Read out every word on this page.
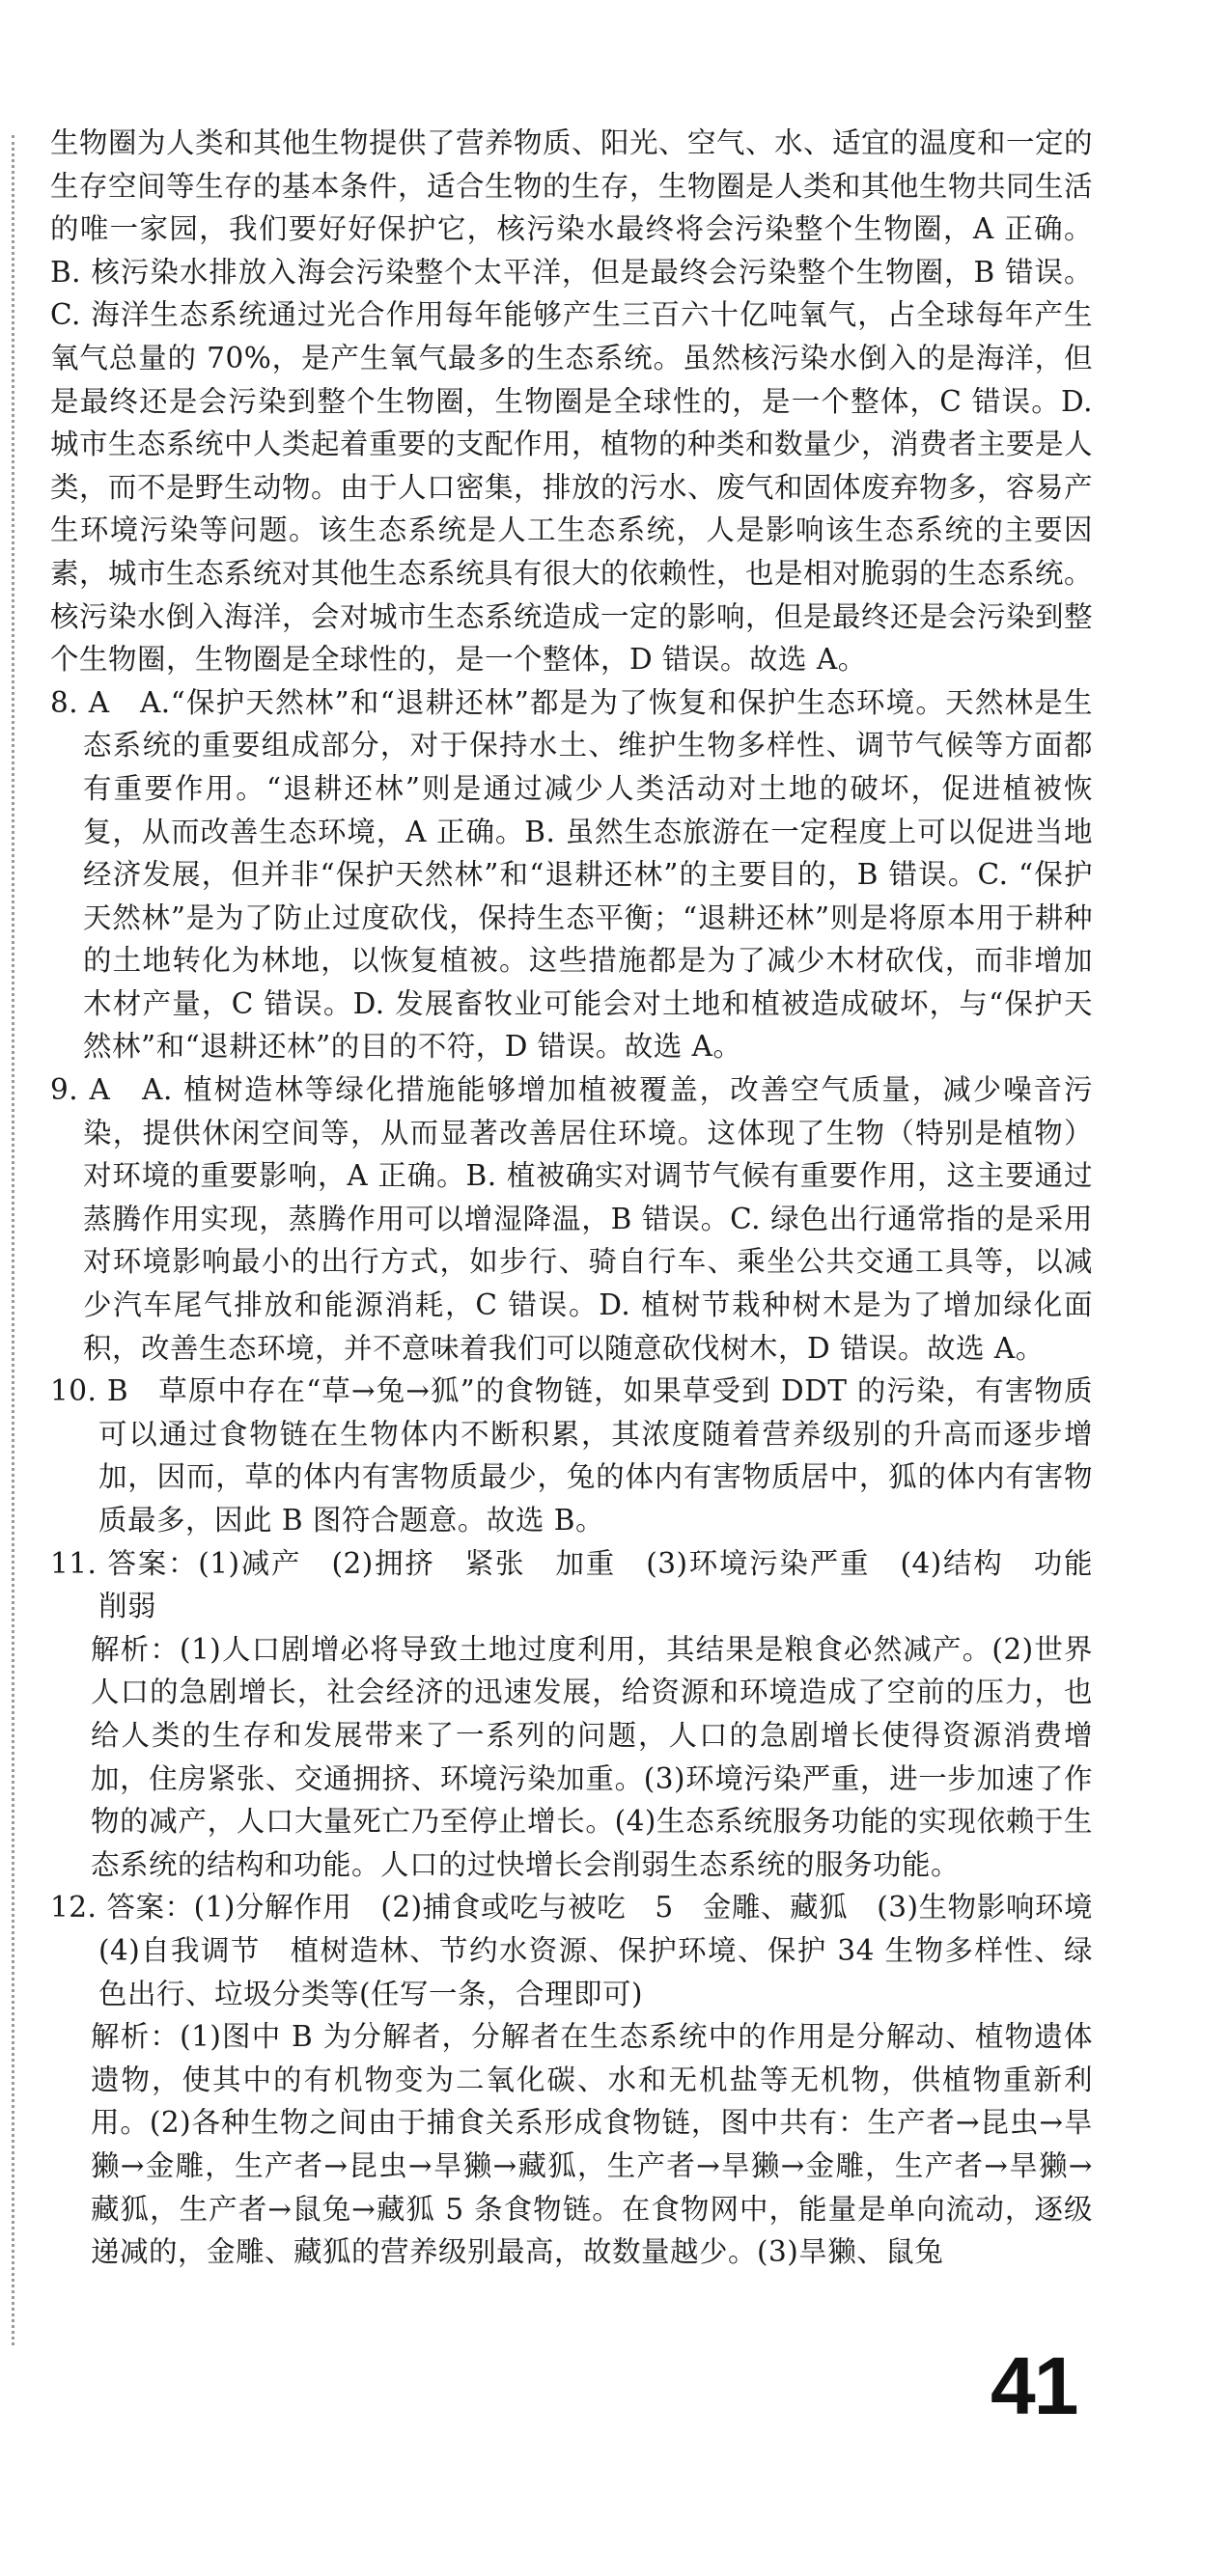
生物圈为人类和其他生物提供了营养物质、阳光、空气、水、适宜的温度和一定的生存空间等生存的基本条件，适合生物的生存，生物圈是人类和其他生物共同生活的唯一家园，我们要好好保护它，核污染水最终将会污染整个生物圈，A 正确。B. 核污染水排放入海会污染整个太平洋，但是最终会污染整个生物圈，B 错误。C. 海洋生态系统通过光合作用每年能够产生三百六十亿吨氧气，占全球每年产生氧气总量的 70%，是产生氧气最多的生态系统。虽然核污染水倒入的是海洋，但是最终还是会污染到整个生物圈，生物圈是全球性的，是一个整体，C 错误。D. 城市生态系统中人类起着重要的支配作用，植物的种类和数量少，消费者主要是人类，而不是野生动物。由于人口密集，排放的污水、废气和固体废弃物多，容易产生环境污染等问题。该生态系统是人工生态系统，人是影响该生态系统的主要因素，城市生态系统对其他生态系统具有很大的依赖性，也是相对脆弱的生态系统。核污染水倒入海洋，会对城市生态系统造成一定的影响，但是最终还是会污染到整个生物圈，生物圈是全球性的，是一个整体，D 错误。故选 A。

8. A　A.“保护天然林”和“退耕还林”都是为了恢复和保护生态环境。天然林是生态系统的重要组成部分，对于保持水土、维护生物多样性、调节气候等方面都有重要作用。“退耕还林”则是通过减少人类活动对土地的破坏，促进植被恢复，从而改善生态环境，A 正确。B. 虽然生态旅游在一定程度上可以促进当地经济发展，但并非“保护天然林”和“退耕还林”的主要目的，B 错误。C. “保护天然林”是为了防止过度砍伐，保持生态平衡；“退耕还林”则是将原本用于耕种的土地转化为林地，以恢复植被。这些措施都是为了减少木材砍伐，而非增加木材产量，C 错误。D. 发展畜牧业可能会对土地和植被造成破坏，与“保护天然林”和“退耕还林”的目的不符，D 错误。故选 A。

9. A　A. 植树造林等绿化措施能够增加植被覆盖，改善空气质量，减少噪音污染，提供休闲空间等，从而显著改善居住环境。这体现了生物（特别是植物）对环境的重要影响，A 正确。B. 植被确实对调节气候有重要作用，这主要通过蒸腾作用实现，蒸腾作用可以增湿降温，B 错误。C. 绿色出行通常指的是采用对环境影响最小的出行方式，如步行、骑自行车、乘坐公共交通工具等，以减少汽车尾气排放和能源消耗，C 错误。D. 植树节栽种树木是为了增加绿化面积，改善生态环境，并不意味着我们可以随意砍伐树木，D 错误。故选 A。

10. B　草原中存在“草→兔→狐”的食物链，如果草受到 DDT 的污染，有害物质可以通过食物链在生物体内不断积累，其浓度随着营养级别的升高而逐步增加，因而，草的体内有害物质最少，兔的体内有害物质居中，狐的体内有害物质最多，因此 B 图符合题意。故选 B。

11. 答案：(1)减产　(2)拥挤　紧张　加重　(3)环境污染严重　(4)结构　功能　削弱

解析：(1)人口剧增必将导致土地过度利用，其结果是粮食必然减产。(2)世界人口的急剧增长，社会经济的迅速发展，给资源和环境造成了空前的压力，也给人类的生存和发展带来了一系列的问题，人口的急剧增长使得资源消费增加，住房紧张、交通拥挤、环境污染加重。(3)环境污染严重，进一步加速了作物的减产，人口大量死亡乃至停止增长。(4)生态系统服务功能的实现依赖于生态系统的结构和功能。人口的过快增长会削弱生态系统的服务功能。

12. 答案：(1)分解作用　(2)捕食或吃与被吃　5　金雕、藏狐　(3)生物影响环境　(4)自我调节　植树造林、节约水资源、保护环境、保护 34 生物多样性、绿色出行、垃圾分类等(任写一条，合理即可)

解析：(1)图中 B 为分解者，分解者在生态系统中的作用是分解动、植物遗体遗物，使其中的有机物变为二氧化碳、水和无机盐等无机物，供植物重新利用。(2)各种生物之间由于捕食关系形成食物链，图中共有：生产者→昆虫→旱獭→金雕，生产者→昆虫→旱獭→藏狐，生产者→旱獭→金雕，生产者→旱獭→藏狐，生产者→鼠兔→藏狐 5 条食物链。在食物网中，能量是单向流动，逐级递减的，金雕、藏狐的营养级别最高，故数量越少。(3)旱獭、鼠兔

41
